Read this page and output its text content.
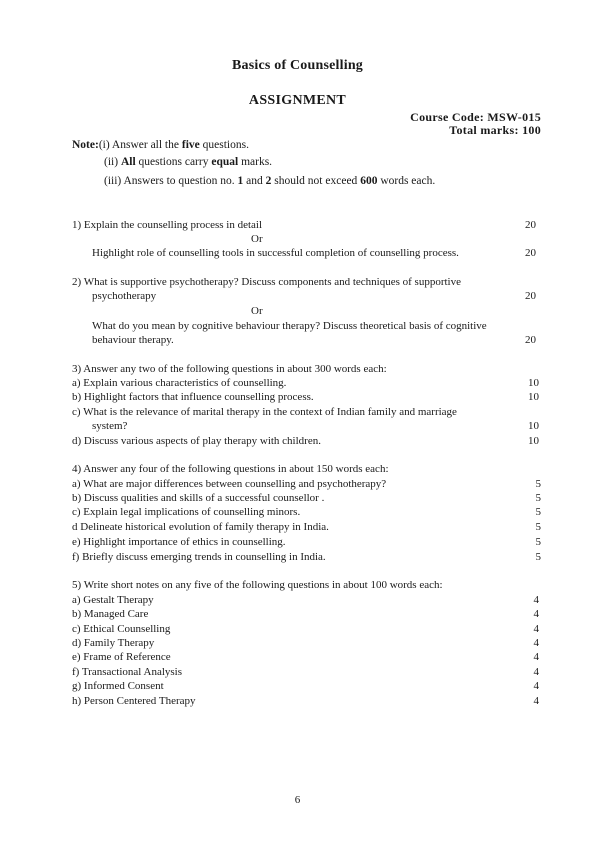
Basics of Counselling
ASSIGNMENT
Course Code: MSW-015
Total marks: 100
Note:(i) Answer all the five questions.
(ii) All questions carry equal marks.
(iii) Answers to question no. 1 and 2 should not exceed 600 words each.
1) Explain the counselling process in detail	20
Or
Highlight role of counselling tools in successful completion of counselling process.	20
2) What is supportive psychotherapy? Discuss components and techniques of supportive
psychotherapy	20
Or
What do you mean by cognitive behaviour therapy? Discuss theoretical basis of cognitive
behaviour therapy.	20
3) Answer any two of the following questions in about 300 words each:
a) Explain various characteristics of counselling.	10
b) Highlight factors that influence counselling process.	10
c) What is the relevance of marital therapy in the context of Indian family and marriage
system?	10
d) Discuss various aspects of play therapy with children.	10
4) Answer any four of the following questions in about 150 words each:
a) What are major differences between counselling and psychotherapy?	5
b) Discuss qualities and skills of a successful counsellor .	5
c) Explain legal implications of counselling minors.	5
d Delineate historical evolution of family therapy in India.	5
e) Highlight importance of ethics in counselling.	5
f) Briefly discuss emerging trends in counselling in India.	5
5) Write short notes on any five of the following questions in about 100 words each:
a) Gestalt Therapy	4
b) Managed Care	4
c) Ethical Counselling	4
d) Family Therapy	4
e) Frame of Reference	4
f) Transactional Analysis	4
g) Informed Consent	4
h) Person Centered Therapy	4
6
